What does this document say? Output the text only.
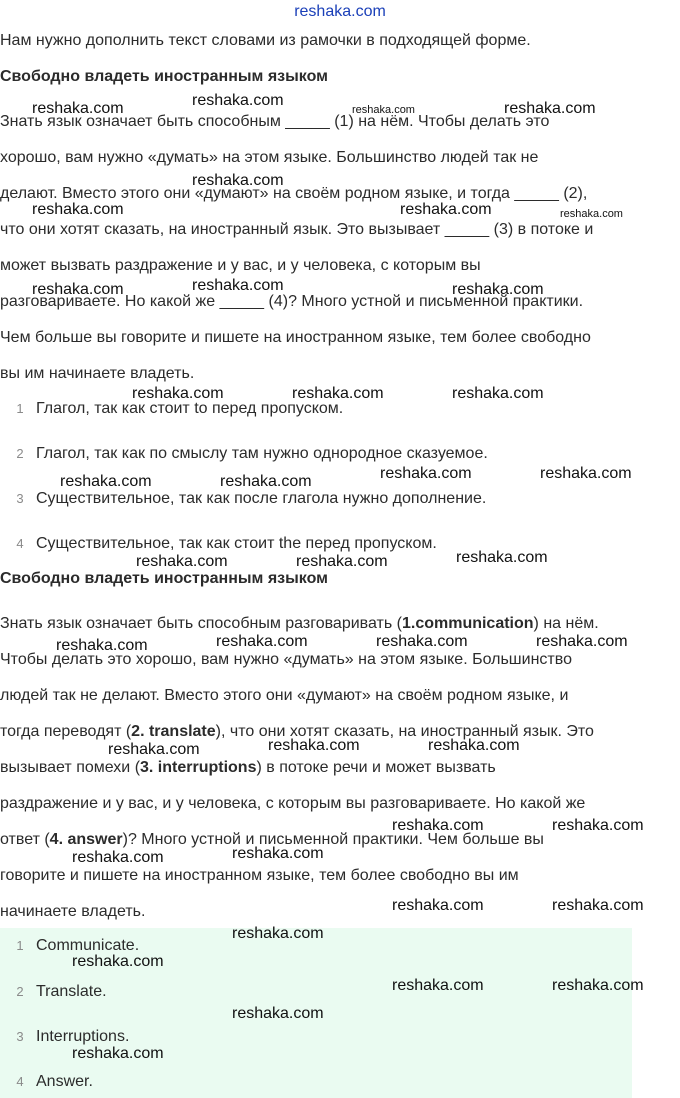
reshaka.com
Нам нужно дополнить текст словами из рамочки в подходящей форме.
Свободно владеть иностранным языком
Знать язык означает быть способным _____ (1) на нём. Чтобы делать это
хорошо, вам нужно «думать» на этом языке. Большинство людей так не
делают. Вместо этого они «думают» на своём родном языке, и тогда _____ (2),
что они хотят сказать, на иностранный язык. Это вызывает _____ (3) в потоке и
может вызвать раздражение и у вас, и у человека, с которым вы
разговариваете. Но какой же _____ (4)? Много устной и письменной практики.
Чем больше вы говорите и пишете на иностранном языке, тем более свободно
вы им начинаете владеть.
1 Глагол, так как стоит to перед пропуском.
2 Глагол, так как по смыслу там нужно однородное сказуемое.
3 Существительное, так как после глагола нужно дополнение.
4 Существительное, так как стоит the перед пропуском.
Свободно владеть иностранным языком
Знать язык означает быть способным разговаривать (1.communication) на нём.
Чтобы делать это хорошо, вам нужно «думать» на этом языке. Большинство
людей так не делают. Вместо этого они «думают» на своём родном языке, и
тогда переводят (2. translate), что они хотят сказать, на иностранный язык. Это
вызывает помехи (3. interruptions) в потоке речи и может вызвать
раздражение и у вас, и у человека, с которым вы разговариваете. Но какой же
ответ (4. answer)? Много устной и письменной практики. Чем больше вы
говорите и пишете на иностранном языке, тем более свободно вы им
начинаете владеть.
1 Communicate.
2 Translate.
3 Interruptions.
4 Answer.
reshaka.com	reshaka.com
reshaka.com	reshaka.com
reshaka.com
reshaka.com	reshaka.com	reshaka.com
reshaka.com	reshaka.com	reshaka.com
reshaka.com	reshaka.com	reshaka.com
reshaka.com	reshaka.com	reshaka.com	reshaka.com
reshaka.com	reshaka.com	reshaka.com
reshaka.com	reshaka.com	reshaka.com	reshaka.com
reshaka.com	reshaka.com	reshaka.com
reshaka.com	reshaka.com
reshaka.com	reshaka.com
reshaka.com	reshaka.com
reshaka.com
reshaka.com
reshaka.com	reshaka.com
reshaka.com
reshaka.com
